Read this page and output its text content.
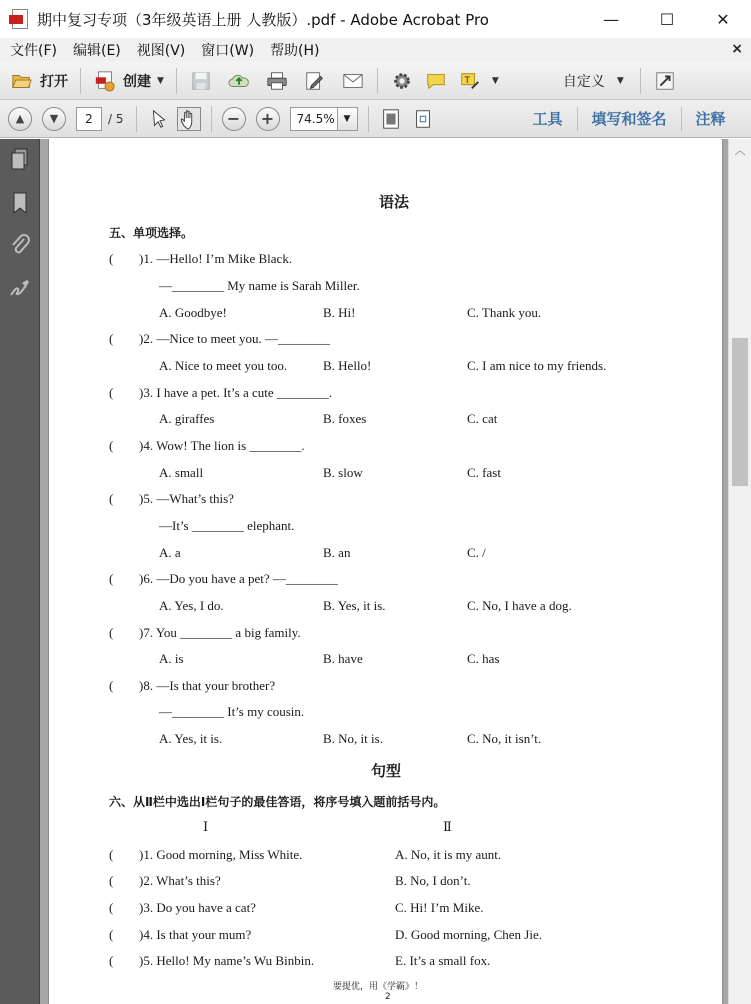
期中复习专项（3年级英语上册 人教版）.pdf - Adobe Acrobat Pro	—	☐	✕
文件(F)	编辑(E)	视图(V)	窗口(W)	帮助(H)	×
打开	创建 ▼	T ▼	自定义 ▼
▲ ▼	2	/ 5	− +	74.5% ▼	工具	填写和签名	注释
语法
五、单项选择。
( )1. —Hello! I’m Mike Black.
—________ My name is Sarah Miller.
A. Goodbye!	B. Hi!	C. Thank you.
( )2. —Nice to meet you. —________
A. Nice to meet you too.	B. Hello!	C. I am nice to my friends.
( )3. I have a pet. It’s a cute ________.
A. giraffes	B. foxes	C. cat
( )4. Wow! The lion is ________.
A. small	B. slow	C. fast
( )5. —What’s this?
—It’s ________ elephant.
A. a	B. an	C. /
( )6. —Do you have a pet? —________
A. Yes, I do.	B. Yes, it is.	C. No, I have a dog.
( )7. You ________ a big family.
A. is	B. have	C. has
( )8. —Is that your brother?
—________ It’s my cousin.
A. Yes, it is.	B. No, it is.	C. No, it isn’t.
句型
六、从Ⅱ栏中选出Ⅰ栏句子的最佳答语，将序号填入题前括号内。
Ⅰ	Ⅱ
( )1. Good morning, Miss White.	A. No, it is my aunt.
( )2. What’s this?	B. No, I don’t.
( )3. Do you have a cat?	C. Hi! I’m Mike.
( )4. Is that your mum?	D. Good morning, Chen Jie.
( )5. Hello! My name’s Wu Binbin.	E. It’s a small fox.
要提优，用《学霸》！
2
︿
